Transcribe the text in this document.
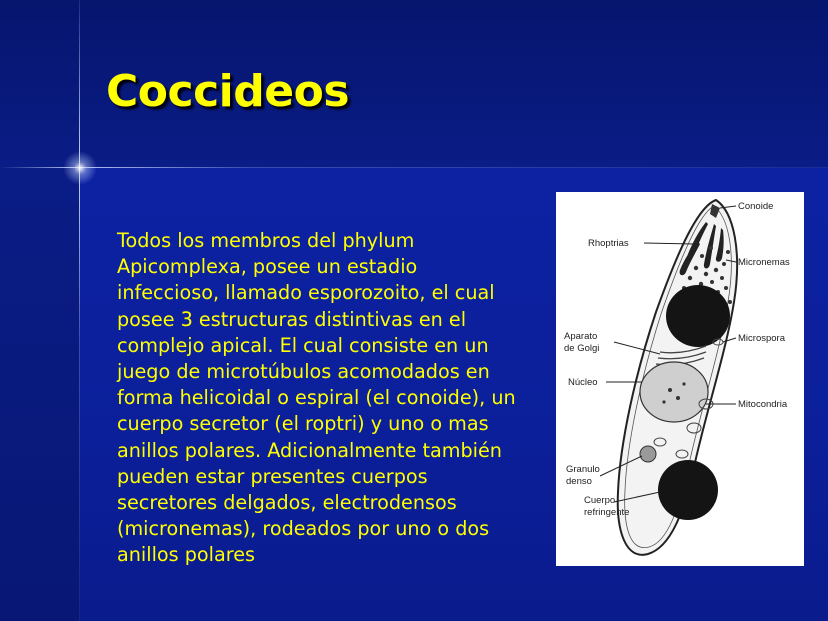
Coccideos

Todos los membros del phylum Apicomplexa, posee un estadio infeccioso, llamado esporozoito, el cual posee 3 estructuras distintivas en el complejo apical. El cual consiste en un juego de microtúbulos acomodados en forma helicoidal o espiral (el conoide), un cuerpo secretor (el roptri) y uno o mas anillos polares. Adicionalmente también pueden estar presentes cuerpos secretores delgados, electrodensos (micronemas), rodeados por uno o dos anillos polares

Conoide
Rhoptrias
Micronemas
Aparato
de Golgi
Microspora
Núcleo
Mitocondria
Granulo
denso
Cuerpo
refringente
